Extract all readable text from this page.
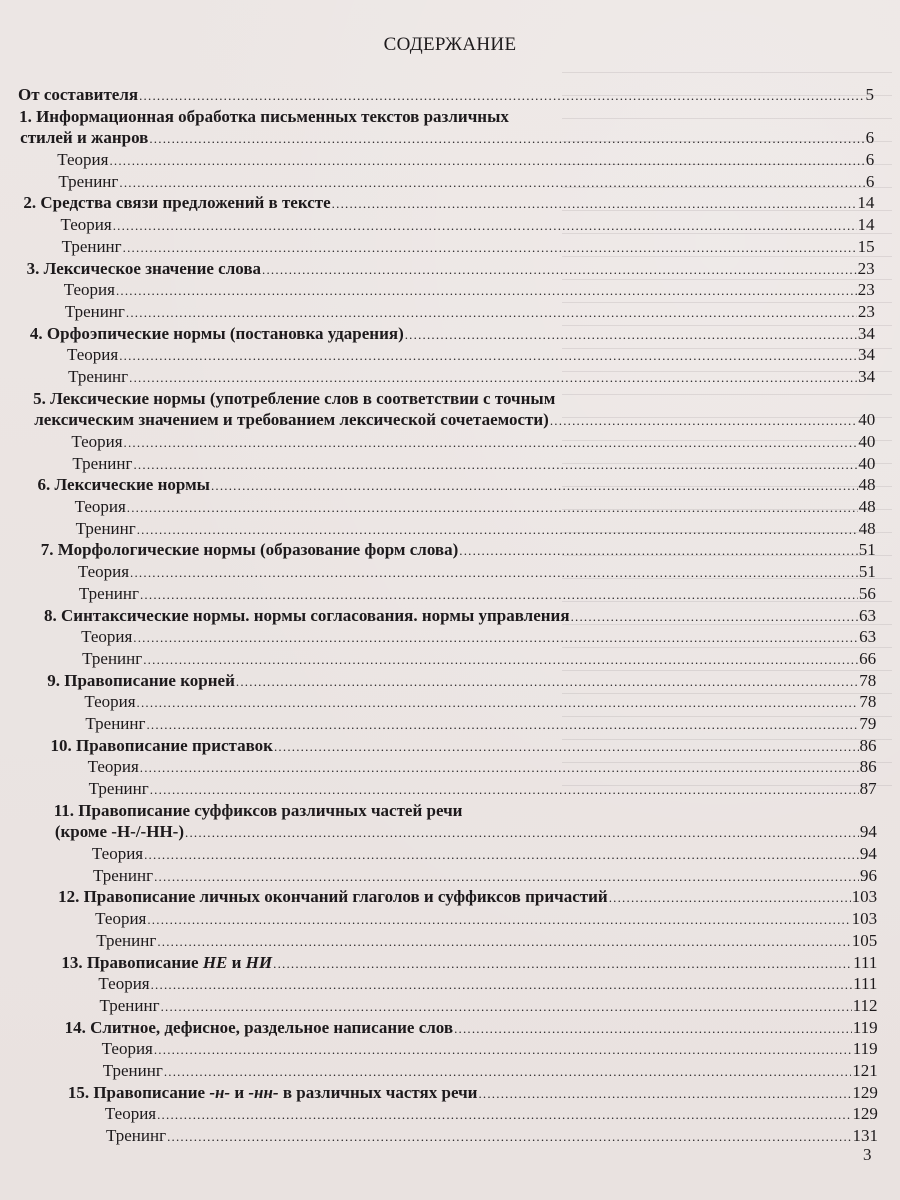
СОДЕРЖАНИЕ
От составителя .....	5
1. Информационная обработка письменных текстов различных
стилей и жанров .....	6
Теория .....	6
Тренинг .....	6
2. Средства связи предложений в тексте .....	14
Теория .....	14
Тренинг .....	15
3. Лексическое значение слова .....	23
Теория .....	23
Тренинг .....	23
4. Орфоэпические нормы (постановка ударения) .....	34
Теория .....	34
Тренинг .....	34
5. Лексические нормы (употребление слов в соответствии с точным
лексическим значением и требованием лексической сочетаемости) .....	40
Теория .....	40
Тренинг .....	40
6. Лексические нормы .....	48
Теория .....	48
Тренинг .....	48
7. Морфологические нормы (образование форм слова) .....	51
Теория .....	51
Тренинг .....	56
8. Синтаксические нормы. нормы согласования. нормы управления .....	63
Теория .....	63
Тренинг .....	66
9. Правописание корней .....	78
Теория .....	78
Тренинг .....	79
10. Правописание приставок .....	86
Теория .....	86
Тренинг .....	87
11. Правописание суффиксов различных частей речи
(кроме -Н-/-НН-) .....	94
Теория .....	94
Тренинг .....	96
12. Правописание личных окончаний глаголов и суффиксов причастий .....	103
Теория .....	103
Тренинг .....	105
13. Правописание НЕ и НИ .....	111
Теория .....	111
Тренинг .....	112
14. Слитное, дефисное, раздельное написание слов .....	119
Теория .....	119
Тренинг .....	121
15. Правописание -н- и -нн- в различных частях речи .....	129
Теория .....	129
Тренинг .....	131
3
